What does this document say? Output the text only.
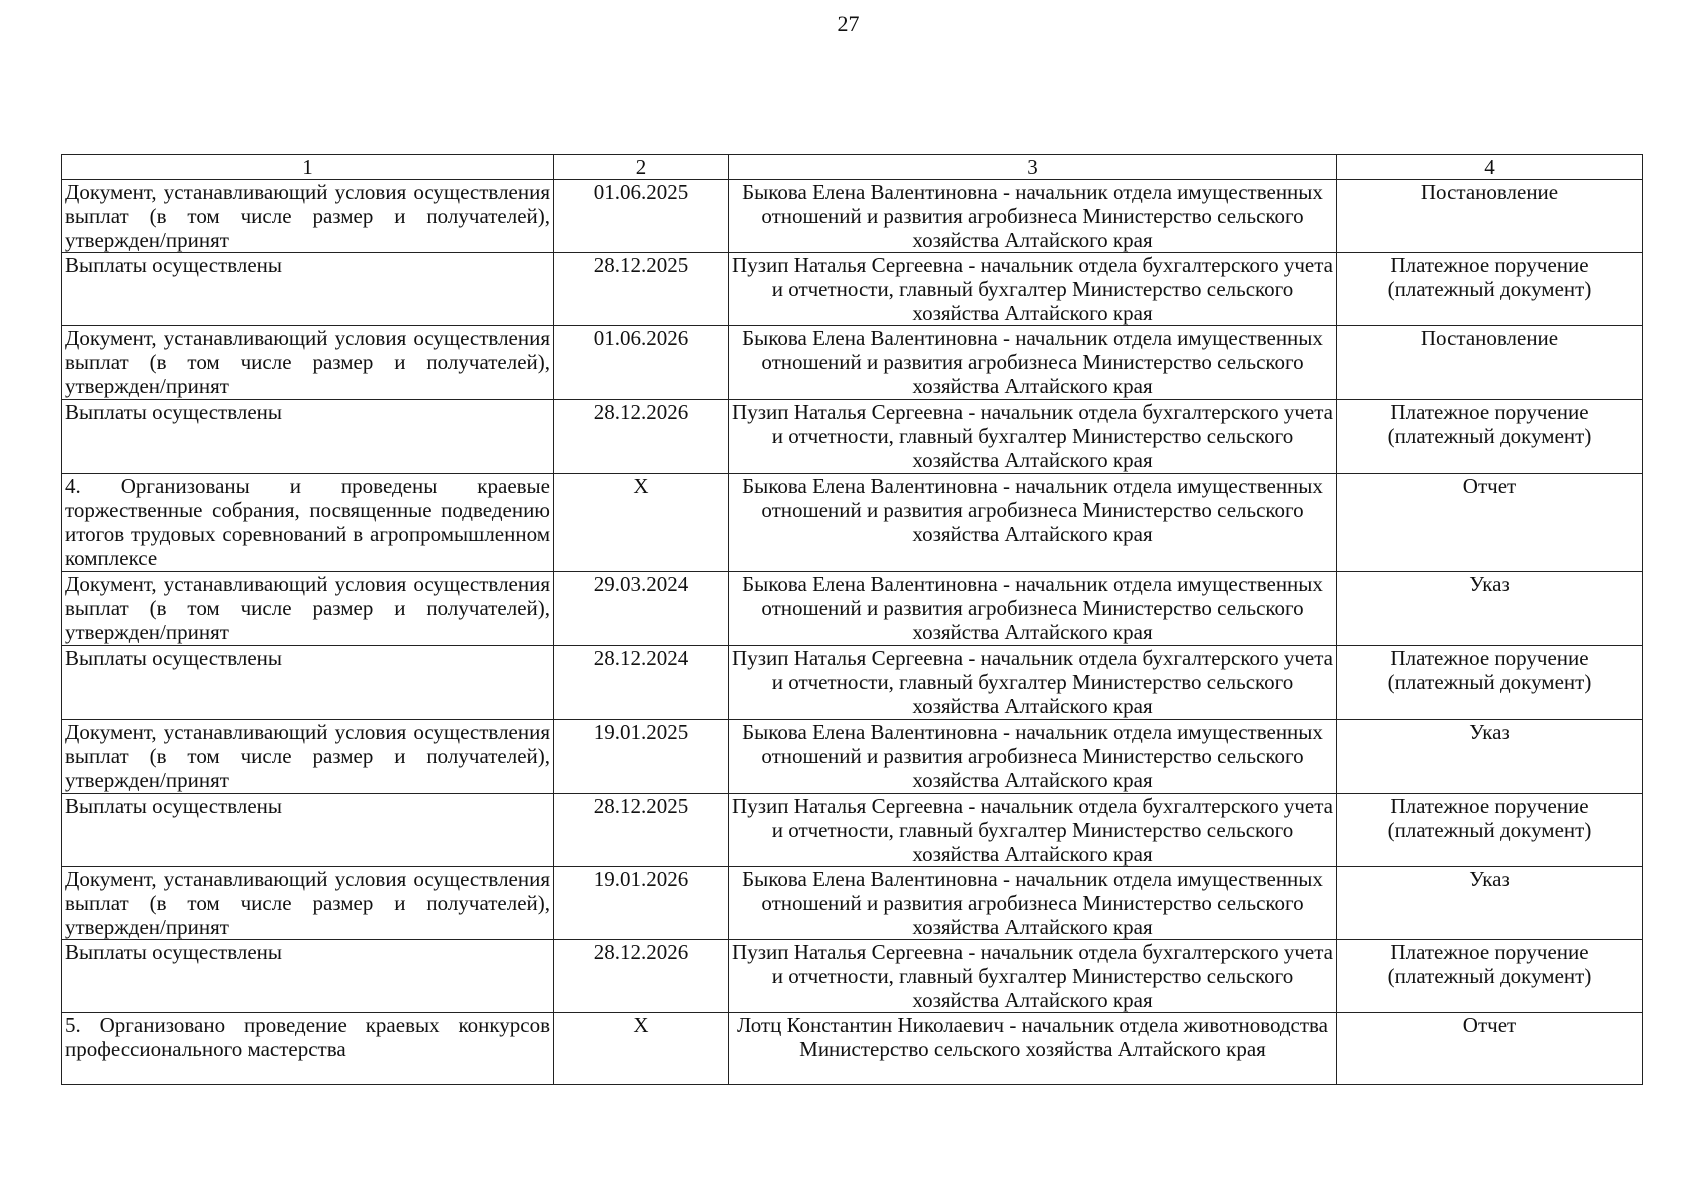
27
1	2	3	4
Документ, устанавливающий условия осуществления выплат (в том числе размер и получателей), утвержден/принят	01.06.2025	Быкова Елена Валентиновна - начальник отдела имущественных отношений и развития агробизнеса Министерство сельского хозяйства Алтайского края	Постановление
Выплаты осуществлены	28.12.2025	Пузип Наталья Сергеевна - начальник отдела бухгалтерского учета и отчетности, главный бухгалтер Министерство сельского хозяйства Алтайского края	Платежное поручение (платежный документ)
Документ, устанавливающий условия осуществления выплат (в том числе размер и получателей), утвержден/принят	01.06.2026	Быкова Елена Валентиновна - начальник отдела имущественных отношений и развития агробизнеса Министерство сельского хозяйства Алтайского края	Постановление
Выплаты осуществлены	28.12.2026	Пузип Наталья Сергеевна - начальник отдела бухгалтерского учета и отчетности, главный бухгалтер Министерство сельского хозяйства Алтайского края	Платежное поручение (платежный документ)
4. Организованы и проведены краевые торжественные собрания, посвященные подведению итогов трудовых соревнований в агропромышленном комплексе	Х	Быкова Елена Валентиновна - начальник отдела имущественных отношений и развития агробизнеса Министерство сельского хозяйства Алтайского края	Отчет
Документ, устанавливающий условия осуществления выплат (в том числе размер и получателей), утвержден/принят	29.03.2024	Быкова Елена Валентиновна - начальник отдела имущественных отношений и развития агробизнеса Министерство сельского хозяйства Алтайского края	Указ
Выплаты осуществлены	28.12.2024	Пузип Наталья Сергеевна - начальник отдела бухгалтерского учета и отчетности, главный бухгалтер Министерство сельского хозяйства Алтайского края	Платежное поручение (платежный документ)
Документ, устанавливающий условия осуществления выплат (в том числе размер и получателей), утвержден/принят	19.01.2025	Быкова Елена Валентиновна - начальник отдела имущественных отношений и развития агробизнеса Министерство сельского хозяйства Алтайского края	Указ
Выплаты осуществлены	28.12.2025	Пузип Наталья Сергеевна - начальник отдела бухгалтерского учета и отчетности, главный бухгалтер Министерство сельского хозяйства Алтайского края	Платежное поручение (платежный документ)
Документ, устанавливающий условия осуществления выплат (в том числе размер и получателей), утвержден/принят	19.01.2026	Быкова Елена Валентиновна - начальник отдела имущественных отношений и развития агробизнеса Министерство сельского хозяйства Алтайского края	Указ
Выплаты осуществлены	28.12.2026	Пузип Наталья Сергеевна - начальник отдела бухгалтерского учета и отчетности, главный бухгалтер Министерство сельского хозяйства Алтайского края	Платежное поручение (платежный документ)
5. Организовано проведение краевых конкурсов профессионального мастерства	Х	Лотц Константин Николаевич - начальник отдела животноводства Министерство сельского хозяйства Алтайского края	Отчет
